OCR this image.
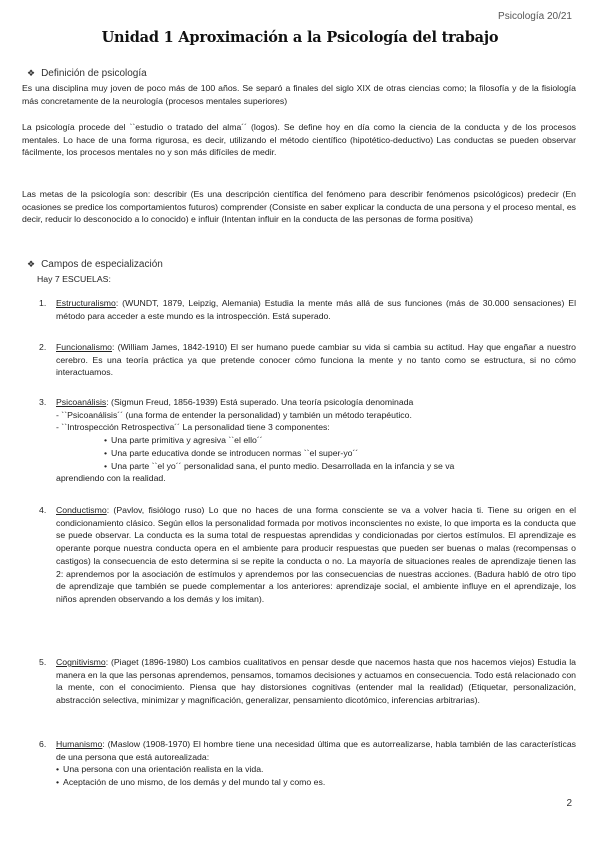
Psicología 20/21
Unidad 1 Aproximación a la Psicología del trabajo
❖ Definición de psicología
Es una disciplina muy joven de poco más de 100 años. Se separó a finales del siglo XIX de otras ciencias como; la filosofía y de la fisiología más concretamente de la neurología (procesos mentales superiores)
La psicología procede del ``estudio o tratado del alma´´ (logos). Se define hoy en día como la ciencia de la conducta y de los procesos mentales. Lo hace de una forma rigurosa, es decir, utilizando el método científico (hipotético-deductivo) Las conductas se pueden observar fácilmente, los procesos mentales no y son más difíciles de medir.
Las metas de la psicología son: describir (Es una descripción científica del fenómeno para describir fenómenos psicológicos) predecir (En ocasiones se predice los comportamientos futuros) comprender (Consiste en saber explicar la conducta de una persona y el proceso mental, es decir, reducir lo desconocido a lo conocido) e influir (Intentan influir en la conducta de las personas de forma positiva)
❖ Campos de especialización
Hay 7 ESCUELAS:
1. Estructuralismo: (WUNDT, 1879, Leipzig, Alemania) Estudia la mente más allá de sus funciones (más de 30.000 sensaciones) El método para acceder a este mundo es la introspección. Está superado.
2. Funcionalismo: (William James, 1842-1910) El ser humano puede cambiar su vida si cambia su actitud. Hay que engañar a nuestro cerebro. Es una teoría práctica ya que pretende conocer cómo funciona la mente y no tanto como se estructura, si no cómo interactuamos.
3. Psicoanálisis: (Sigmun Freud, 1856-1939) Está superado. Una teoría psicología denominada
- ``Psicoanálisis´´ (una forma de entender la personalidad) y también un método terapéutico.
- ``Introspección Retrospectiva´´ La personalidad tiene 3 componentes:
• Una parte primitiva y agresiva ``el ello´´
• Una parte educativa donde se introducen normas ``el super-yo´´
• Una parte ``el yo´´ personalidad sana, el punto medio. Desarrollada en la infancia y se va
aprendiendo con la realidad.
4. Conductismo: (Pavlov, fisiólogo ruso) Lo que no haces de una forma consciente se va a volver hacia ti. Tiene su origen en el condicionamiento clásico. Según ellos la personalidad formada por motivos inconscientes no existe, lo que importa es la conducta que se puede observar. La conducta es la suma total de respuestas aprendidas y condicionadas por ciertos estímulos. El aprendizaje es operante porque nuestra conducta opera en el ambiente para producir respuestas que pueden ser buenas o malas (recompensas o castigos) la consecuencia de esto determina si se repite la conducta o no. La mayoría de situaciones reales de aprendizaje tienen las 2: aprendemos por la asociación de estímulos y aprendemos por las consecuencias de nuestras acciones. (Badura habló de otro tipo de aprendizaje que también se puede complementar a los anteriores: aprendizaje social, el ambiente influye en el aprendizaje, los niños aprenden observando a los demás y los imitan).
5. Cognitivismo: (Piaget (1896-1980) Los cambios cualitativos en pensar desde que nacemos hasta que nos hacemos viejos) Estudia la manera en la que las personas aprendemos, pensamos, tomamos decisiones y actuamos en consecuencia. Todo está relacionado con la mente, con el conocimiento. Piensa que hay distorsiones cognitivas (entender mal la realidad) (Etiquetar, personalización, abstracción selectiva, minimizar y magnificación, generalizar, pensamiento dicotómico, inferencias arbitrarias).
6. Humanismo: (Maslow (1908-1970) El hombre tiene una necesidad última que es autorrealizarse, habla también de las características de una persona que está autorealizada:
• Una persona con una orientación realista en la vida.
• Aceptación de uno mismo, de los demás y del mundo tal y como es.
2
